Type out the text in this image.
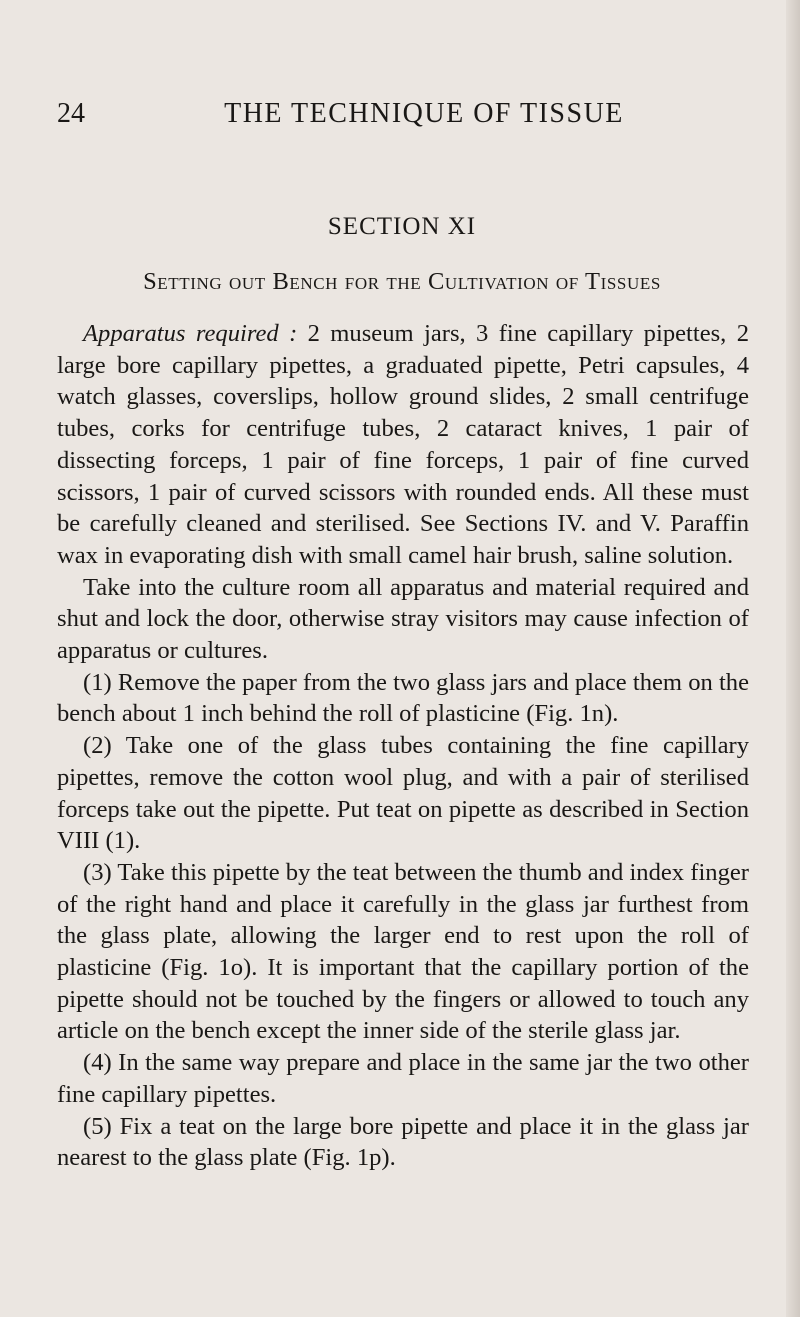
24	THE TECHNIQUE OF TISSUE
SECTION XI
Setting out Bench for the Cultivation of Tissues

Apparatus required : 2 museum jars, 3 fine capillary pipettes, 2 large bore capillary pipettes, a graduated pipette, Petri capsules, 4 watch glasses, coverslips, hollow ground slides, 2 small centrifuge tubes, corks for centrifuge tubes, 2 cataract knives, 1 pair of dissecting forceps, 1 pair of fine forceps, 1 pair of fine curved scissors, 1 pair of curved scissors with rounded ends. All these must be carefully cleaned and sterilised. See Sections IV. and V. Paraffin wax in evaporating dish with small camel hair brush, saline solution.

Take into the culture room all apparatus and material required and shut and lock the door, otherwise stray visitors may cause infection of apparatus or cultures.

(1) Remove the paper from the two glass jars and place them on the bench about 1 inch behind the roll of plasticine (Fig. 1n).

(2) Take one of the glass tubes containing the fine capillary pipettes, remove the cotton wool plug, and with a pair of sterilised forceps take out the pipette. Put teat on pipette as described in Section VIII (1).

(3) Take this pipette by the teat between the thumb and index finger of the right hand and place it carefully in the glass jar furthest from the glass plate, allowing the larger end to rest upon the roll of plasticine (Fig. 1o). It is important that the capillary portion of the pipette should not be touched by the fingers or allowed to touch any article on the bench except the inner side of the sterile glass jar.

(4) In the same way prepare and place in the same jar the two other fine capillary pipettes.

(5) Fix a teat on the large bore pipette and place it in the glass jar nearest to the glass plate (Fig. 1p).
